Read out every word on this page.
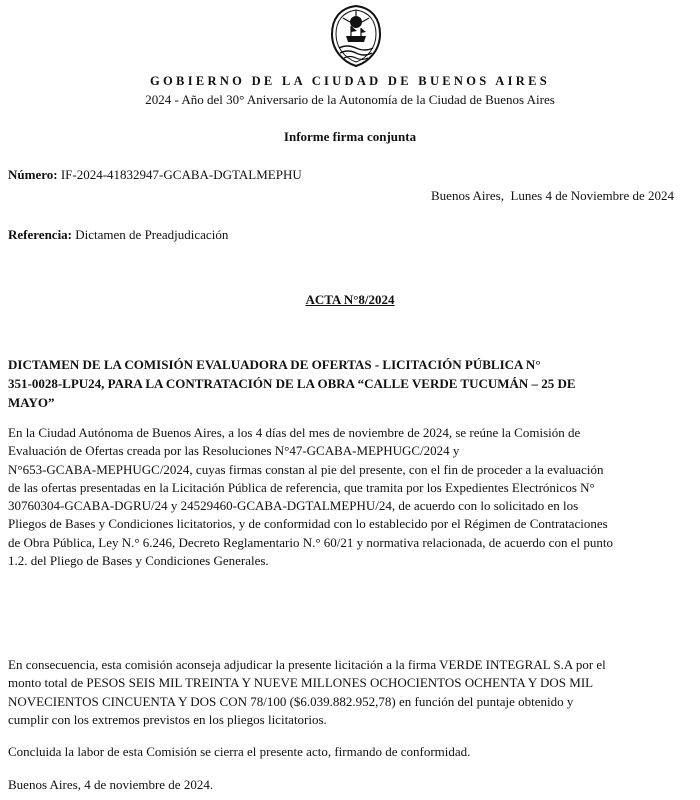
GOBIERNO DE LA CIUDAD DE BUENOS AIRES
2024 - Año del 30° Aniversario de la Autonomía de la Ciudad de Buenos Aires
Informe firma conjunta
Número: IF-2024-41832947-GCABA-DGTALMEPHU
Buenos Aires,  Lunes 4 de Noviembre de 2024
Referencia: Dictamen de Preadjudicación
ACTA N°8/2024
DICTAMEN DE LA COMISIÓN EVALUADORA DE OFERTAS - LICITACIÓN PÚBLICA N°
351-0028-LPU24, PARA LA CONTRATACIÓN DE LA OBRA “CALLE VERDE TUCUMÁN – 25 DE
MAYO”
En la Ciudad Autónoma de Buenos Aires, a los 4 días del mes de noviembre de 2024, se reúne la Comisión de
Evaluación de Ofertas creada por las Resoluciones N°47-GCABA-MEPHUGC/2024 y
N°653-GCABA-MEPHUGC/2024, cuyas firmas constan al pie del presente, con el fin de proceder a la evaluación
de las ofertas presentadas en la Licitación Pública de referencia, que tramita por los Expedientes Electrónicos N°
30760304-GCABA-DGRU/24 y 24529460-GCABA-DGTALMEPHU/24, de acuerdo con lo solicitado en los
Pliegos de Bases y Condiciones licitatorios, y de conformidad con lo establecido por el Régimen de Contrataciones
de Obra Pública, Ley N.° 6.246, Decreto Reglamentario N.° 60/21 y normativa relacionada, de acuerdo con el punto
1.2. del Pliego de Bases y Condiciones Generales.
En consecuencia, esta comisión aconseja adjudicar la presente licitación a la firma VERDE INTEGRAL S.A por el
monto total de PESOS SEIS MIL TREINTA Y NUEVE MILLONES OCHOCIENTOS OCHENTA Y DOS MIL
NOVECIENTOS CINCUENTA Y DOS CON 78/100 ($6.039.882.952,78) en función del puntaje obtenido y
cumplir con los extremos previstos en los pliegos licitatorios.
Concluida la labor de esta Comisión se cierra el presente acto, firmando de conformidad.
Buenos Aires, 4 de noviembre de 2024.
